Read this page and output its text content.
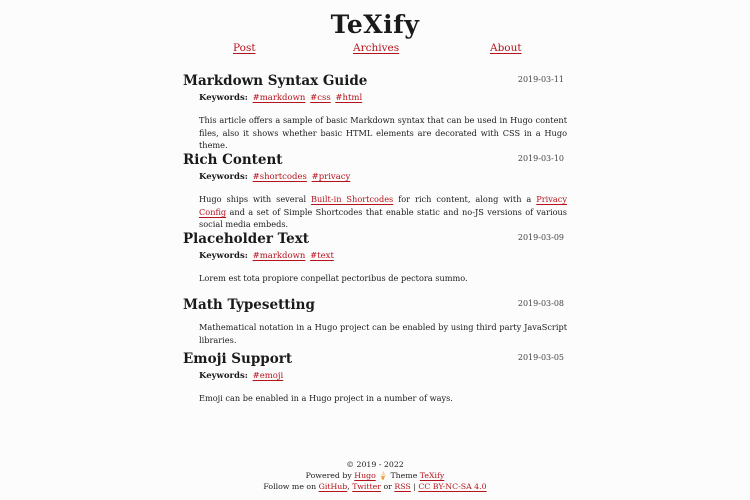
TeXify
Post	Archives	About
Markdown Syntax Guide	2019-03-11
Keywords: #markdown #css #html

This article offers a sample of basic Markdown syntax that can be used in Hugo content files, also it shows whether basic HTML elements are decorated with CSS in a Hugo theme.

Rich Content	2019-03-10
Keywords: #shortcodes #privacy

Hugo ships with several Built-in Shortcodes for rich content, along with a Privacy Config and a set of Simple Shortcodes that enable static and no-JS versions of various social media embeds.

Placeholder Text	2019-03-09
Keywords: #markdown #text

Lorem est tota propiore conpellat pectoribus de pectora summo.

Math Typesetting	2019-03-08

Mathematical notation in a Hugo project can be enabled by using third party JavaScript libraries.

Emoji Support	2019-03-05
Keywords: #emoji

Emoji can be enabled in a Hugo project in a number of ways.

© 2019 - 2022
Powered by Hugo 🍦 Theme TeXify
Follow me on GitHub, Twitter or RSS | CC BY-NC-SA 4.0
